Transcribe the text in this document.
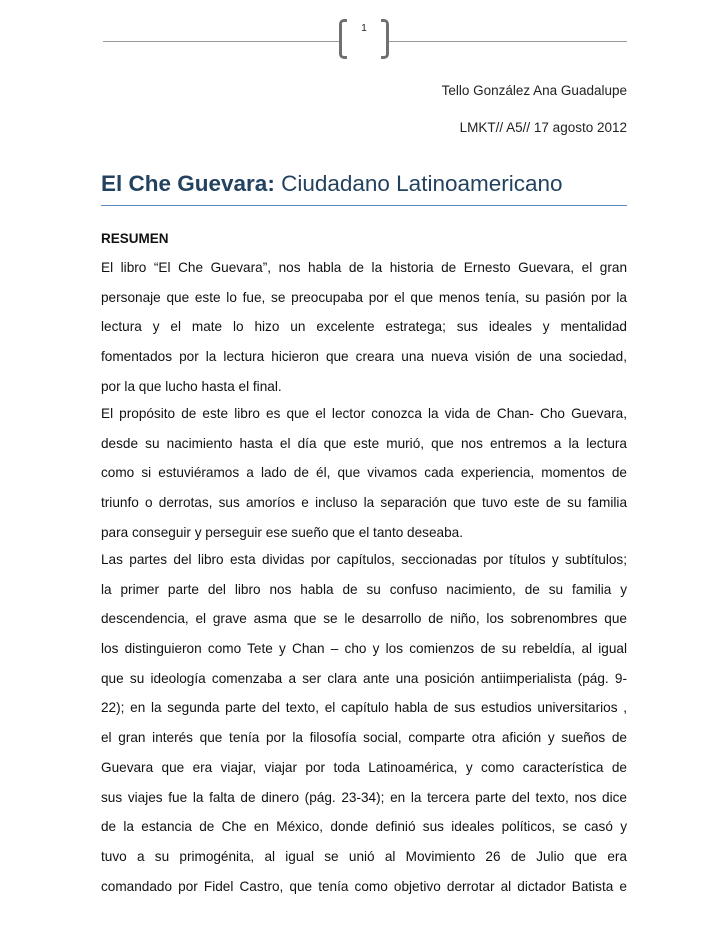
1
Tello González Ana Guadalupe
LMKT// A5// 17 agosto 2012
El Che Guevara: Ciudadano Latinoamericano
RESUMEN
El libro “El Che Guevara”, nos habla de la historia de Ernesto Guevara, el gran
personaje que este lo fue, se preocupaba por el que menos tenía, su pasión por la
lectura y el mate lo hizo un excelente estratega; sus ideales y mentalidad
fomentados por la lectura hicieron que creara una nueva visión de una sociedad,
por la que lucho hasta el final.
El propósito de este libro es que el lector conozca la vida de Chan- Cho Guevara,
desde su nacimiento hasta el día que este murió, que nos entremos a la lectura
como si estuviéramos a lado de él, que vivamos cada experiencia, momentos de
triunfo o derrotas, sus amoríos e incluso la separación que tuvo este de su familia
para conseguir y perseguir ese sueño que el tanto deseaba.
Las partes del libro esta dividas por capítulos, seccionadas por títulos y subtítulos;
la primer parte del libro nos habla de su confuso nacimiento, de su familia y
descendencia, el grave asma que se le desarrollo de niño, los sobrenombres que
los distinguieron como Tete y Chan – cho y los comienzos de su rebeldía, al igual
que su ideología comenzaba a ser clara ante una posición antiimperialista (pág. 9-
22); en la segunda parte del texto, el capítulo habla de sus estudios universitarios ,
el gran interés que tenía por la filosofía social, comparte otra afición y sueños de
Guevara que era viajar, viajar por toda Latinoamérica, y como característica de
sus viajes fue la falta de dinero (pág. 23-34); en la tercera parte del texto, nos dice
de la estancia de Che en México, donde definió sus ideales políticos, se casó y
tuvo a su primogénita, al igual se unió al Movimiento 26 de Julio que era
comandado por Fidel Castro, que tenía como objetivo derrotar al dictador Batista e
